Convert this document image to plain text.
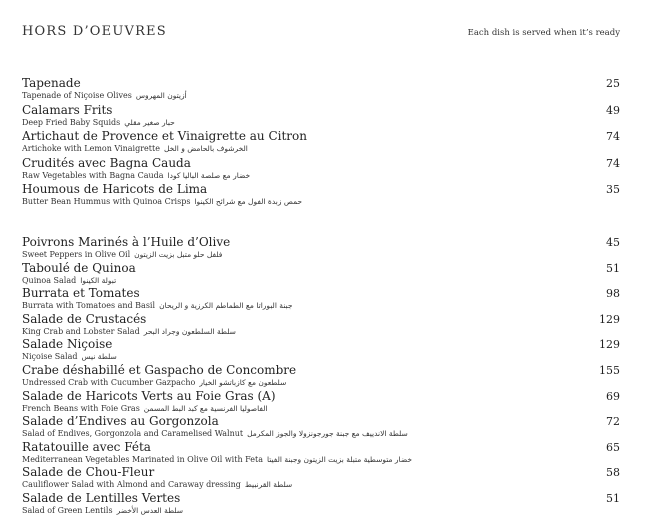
HORS D’OEUVRES	Each dish is served when it’s ready
Tapenade
Tapenade of Niçoise Olives أزيتون المهروس
25
Calamars Frits
Deep Fried Baby Squids حبار صغير مقلي
49
Artichaut de Provence et Vinaigrette au Citron
Artichoke with Lemon Vinaigrette الخرشوف بالحامض و الخل
74
Crudités avec Bagna Cauda
Raw Vegetables with Bagna Cauda خضار مع صلصة الباليا كودا
74
Houmous de Haricots de Lima
Butter Bean Hummus with Quinoa Crisps حمص زبدة الفول مع شرائح الكينوا
35
Poivrons Marinés à l’Huile d’Olive
Sweet Peppers in Olive Oil فلفل حلو متبل بزيت الزيتون
45
Taboulé de Quinoa
Quinoa Salad تبولة الكينوا
51
Burrata et Tomates
Burrata with Tomatoes and Basil جبنة البوراتا مع الطماطم الكرزية و الريحان
98
Salade de Crustacés
King Crab and Lobster Salad سلطة السلطعون وجراد البحر
129
Salade Niçoise
Niçoise Salad سلطة نيس
129
Crabe déshabillé et Gaspacho de Concombre
Undressed Crab with Cucumber Gazpacho سلطعون مع كازباتشو الخيار
155
Salade de Haricots Verts au Foie Gras (A)
French Beans with Foie Gras الفاصوليا الفرنسية مع كبد البط المسمن
69
Salade d’Endives au Gorgonzola
Salad of Endives, Gorgonzola and Caramelised Walnut سلطة الاندييف مع جبنة جورجونزولا والجوز المكرمل
72
Ratatouille avec Féta
Mediterranean Vegetables Marinated in Olive Oil with Feta خضار متوسطية متبلة بزيت الزيتون وجبنة الفيتا
65
Salade de Chou-Fleur
Cauliflower Salad with Almond and Caraway dressing سلطة القرنبيط
58
Salade de Lentilles Vertes
Salad of Green Lentils سلطة العدس الأخضر
51
